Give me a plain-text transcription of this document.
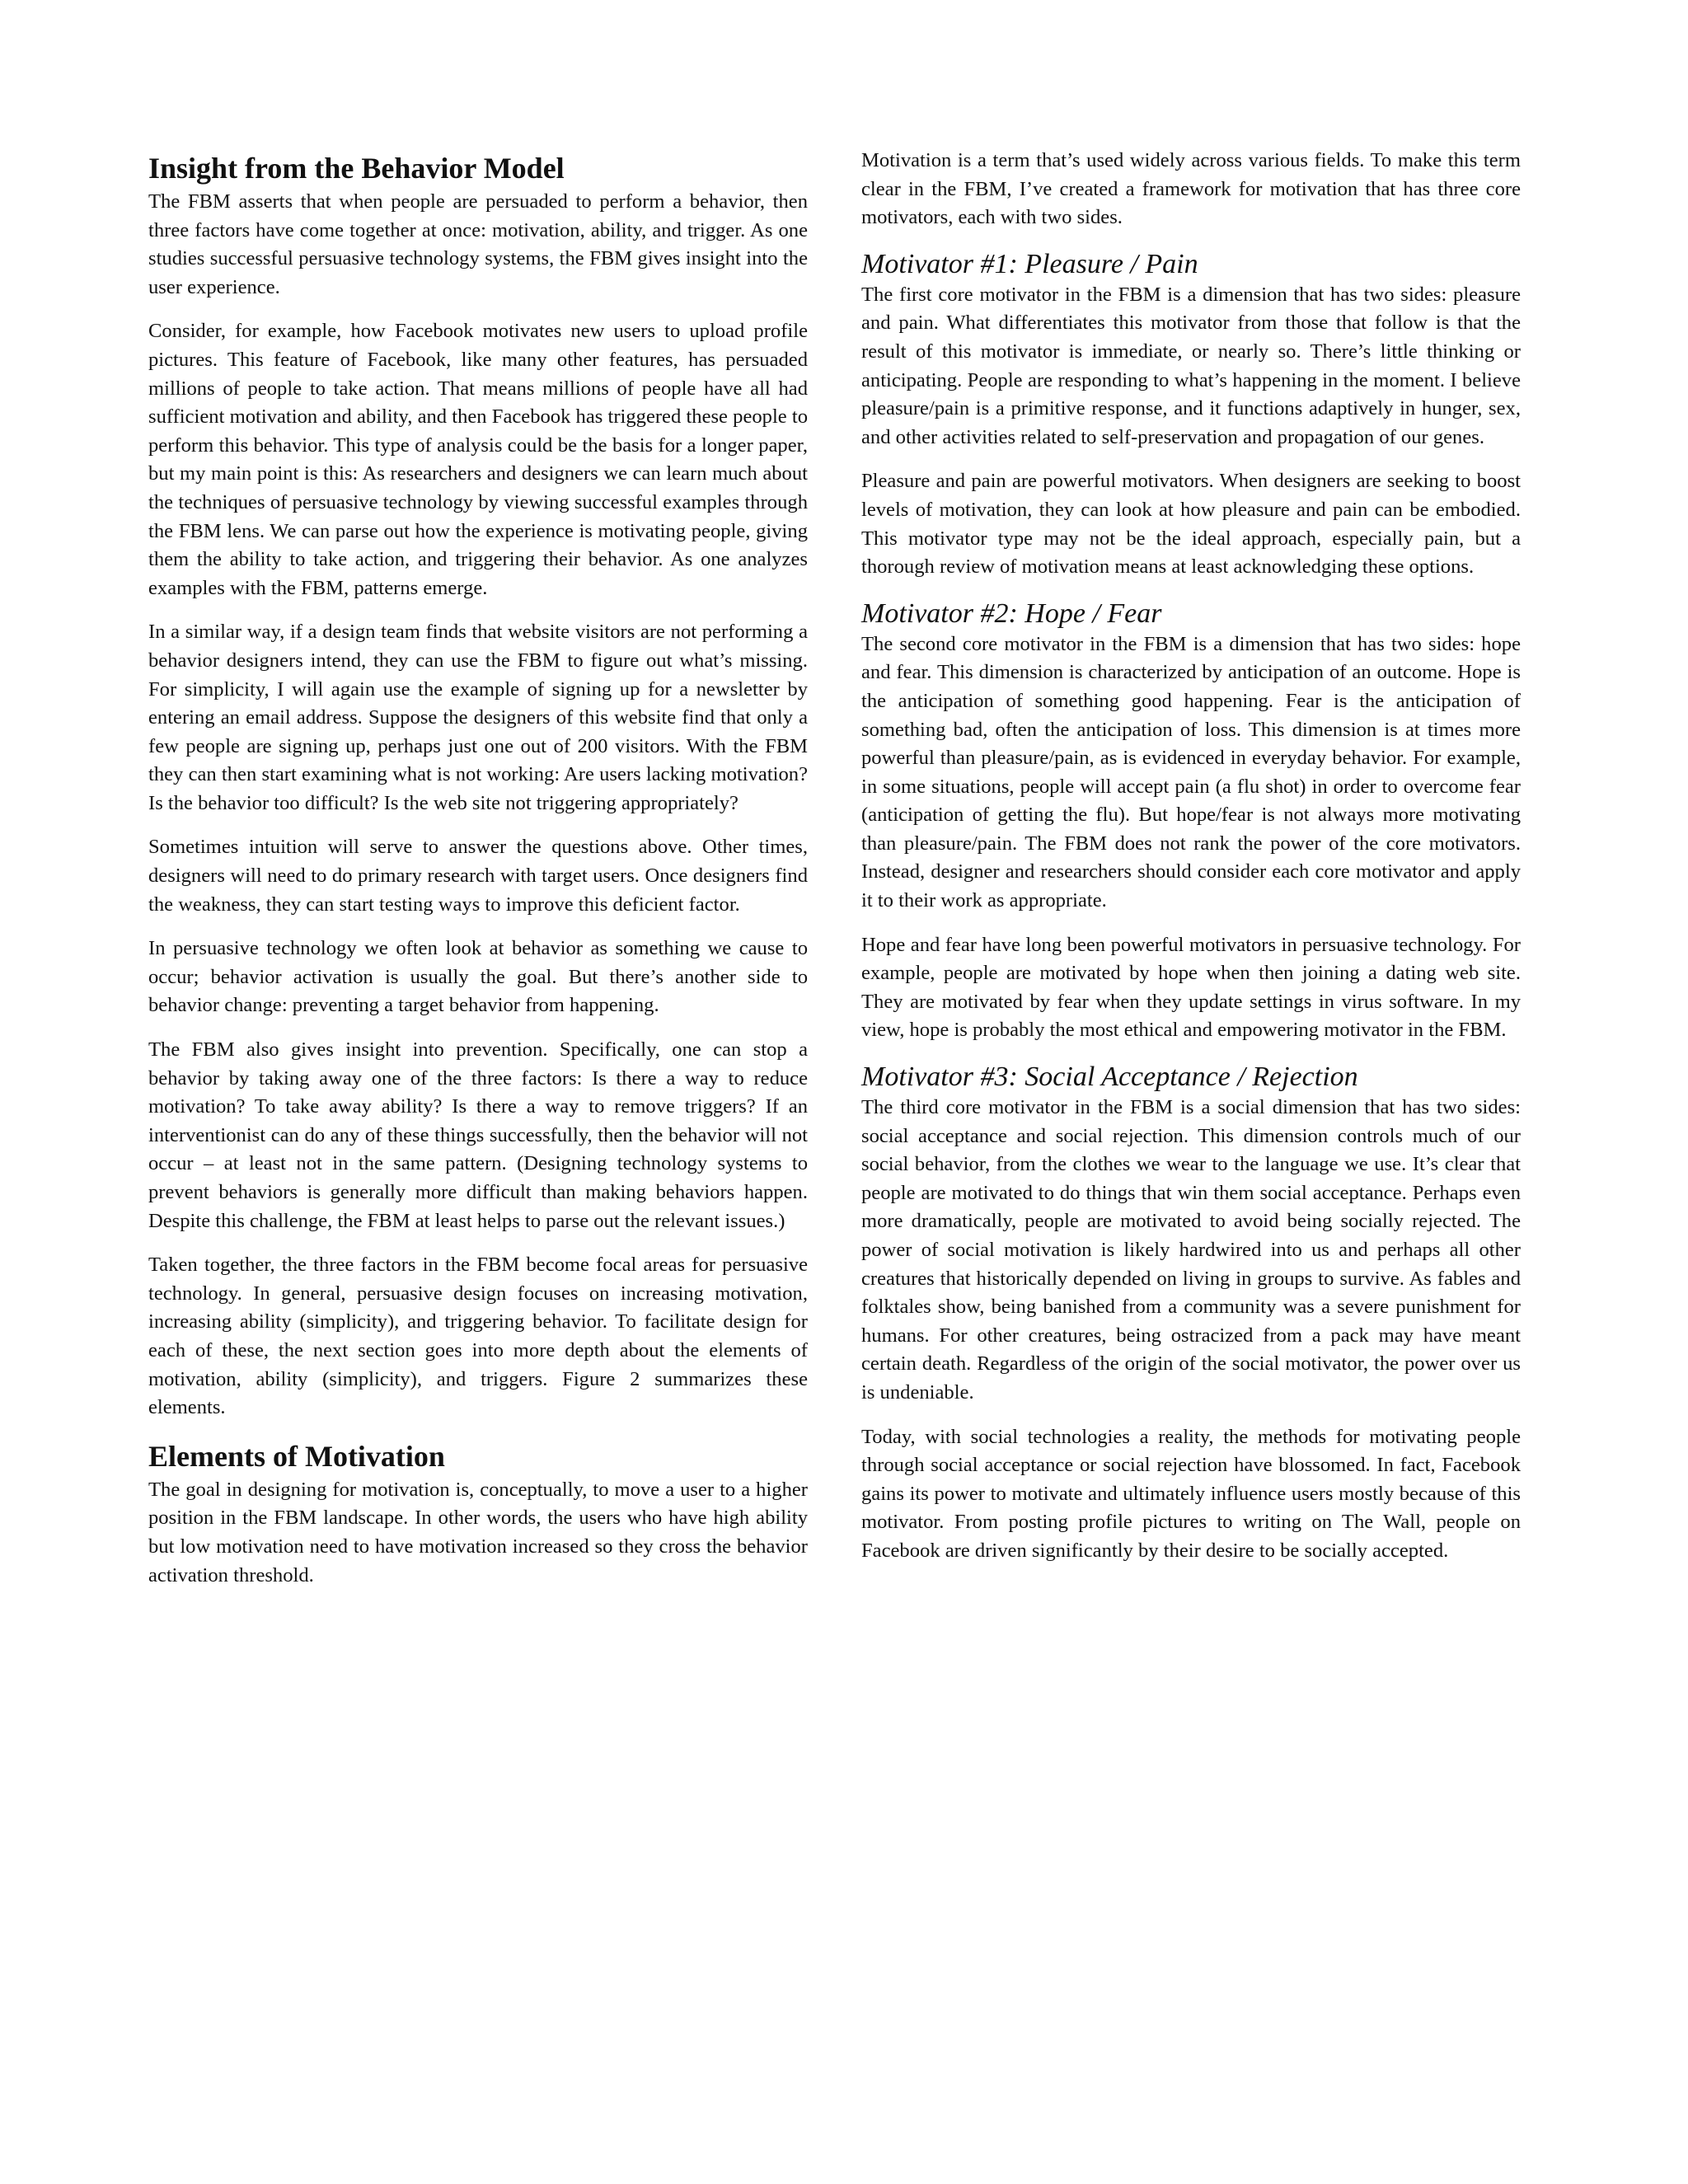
Insight from the Behavior Model

The FBM asserts that when people are persuaded to perform a behavior, then three factors have come together at once: motivation, ability, and trigger. As one studies successful persuasive technology systems, the FBM gives insight into the user experience.

Consider, for example, how Facebook motivates new users to upload profile pictures. This feature of Facebook, like many other features, has persuaded millions of people to take action. That means millions of people have all had sufficient motivation and ability, and then Facebook has triggered these people to perform this behavior. This type of analysis could be the basis for a longer paper, but my main point is this: As researchers and designers we can learn much about the techniques of persuasive technology by viewing successful examples through the FBM lens. We can parse out how the experience is motivating people, giving them the ability to take action, and triggering their behavior. As one analyzes examples with the FBM, patterns emerge.

In a similar way, if a design team finds that website visitors are not performing a behavior designers intend, they can use the FBM to figure out what’s missing. For simplicity, I will again use the example of signing up for a newsletter by entering an email address. Suppose the designers of this website find that only a few people are signing up, perhaps just one out of 200 visitors. With the FBM they can then start examining what is not working: Are users lacking motivation? Is the behavior too difficult? Is the web site not triggering appropriately?

Sometimes intuition will serve to answer the questions above. Other times, designers will need to do primary research with target users. Once designers find the weakness, they can start testing ways to improve this deficient factor.

In persuasive technology we often look at behavior as something we cause to occur; behavior activation is usually the goal. But there’s another side to behavior change: preventing a target behavior from happening.

The FBM also gives insight into prevention. Specifically, one can stop a behavior by taking away one of the three factors: Is there a way to reduce motivation? To take away ability? Is there a way to remove triggers? If an interventionist can do any of these things successfully, then the behavior will not occur – at least not in the same pattern. (Designing technology systems to prevent behaviors is generally more difficult than making behaviors happen. Despite this challenge, the FBM at least helps to parse out the relevant issues.)

Taken together, the three factors in the FBM become focal areas for persuasive technology. In general, persuasive design focuses on increasing motivation, increasing ability (simplicity), and triggering behavior. To facilitate design for each of these, the next section goes into more depth about the elements of motivation, ability (simplicity), and triggers. Figure 2 summarizes these elements.

Elements of Motivation

The goal in designing for motivation is, conceptually, to move a user to a higher position in the FBM landscape. In other words, the users who have high ability but low motivation need to have motivation increased so they cross the behavior activation threshold.

Motivation is a term that’s used widely across various fields. To make this term clear in the FBM, I’ve created a framework for motivation that has three core motivators, each with two sides.

Motivator #1: Pleasure / Pain

The first core motivator in the FBM is a dimension that has two sides: pleasure and pain. What differentiates this motivator from those that follow is that the result of this motivator is immediate, or nearly so. There’s little thinking or anticipating. People are responding to what’s happening in the moment. I believe pleasure/pain is a primitive response, and it functions adaptively in hunger, sex, and other activities related to self-preservation and propagation of our genes.

Pleasure and pain are powerful motivators. When designers are seeking to boost levels of motivation, they can look at how pleasure and pain can be embodied. This motivator type may not be the ideal approach, especially pain, but a thorough review of motivation means at least acknowledging these options.

Motivator #2: Hope / Fear

The second core motivator in the FBM is a dimension that has two sides: hope and fear. This dimension is characterized by anticipation of an outcome. Hope is the anticipation of something good happening. Fear is the anticipation of something bad, often the anticipation of loss. This dimension is at times more powerful than pleasure/pain, as is evidenced in everyday behavior. For example, in some situations, people will accept pain (a flu shot) in order to overcome fear (anticipation of getting the flu). But hope/fear is not always more motivating than pleasure/pain. The FBM does not rank the power of the core motivators. Instead, designer and researchers should consider each core motivator and apply it to their work as appropriate.

Hope and fear have long been powerful motivators in persuasive technology. For example, people are motivated by hope when then joining a dating web site. They are motivated by fear when they update settings in virus software. In my view, hope is probably the most ethical and empowering motivator in the FBM.

Motivator #3: Social Acceptance / Rejection

The third core motivator in the FBM is a social dimension that has two sides: social acceptance and social rejection. This dimension controls much of our social behavior, from the clothes we wear to the language we use. It’s clear that people are motivated to do things that win them social acceptance. Perhaps even more dramatically, people are motivated to avoid being socially rejected. The power of social motivation is likely hardwired into us and perhaps all other creatures that historically depended on living in groups to survive. As fables and folktales show, being banished from a community was a severe punishment for humans. For other creatures, being ostracized from a pack may have meant certain death. Regardless of the origin of the social motivator, the power over us is undeniable.

Today, with social technologies a reality, the methods for motivating people through social acceptance or social rejection have blossomed. In fact, Facebook gains its power to motivate and ultimately influence users mostly because of this motivator. From posting profile pictures to writing on The Wall, people on Facebook are driven significantly by their desire to be socially accepted.
